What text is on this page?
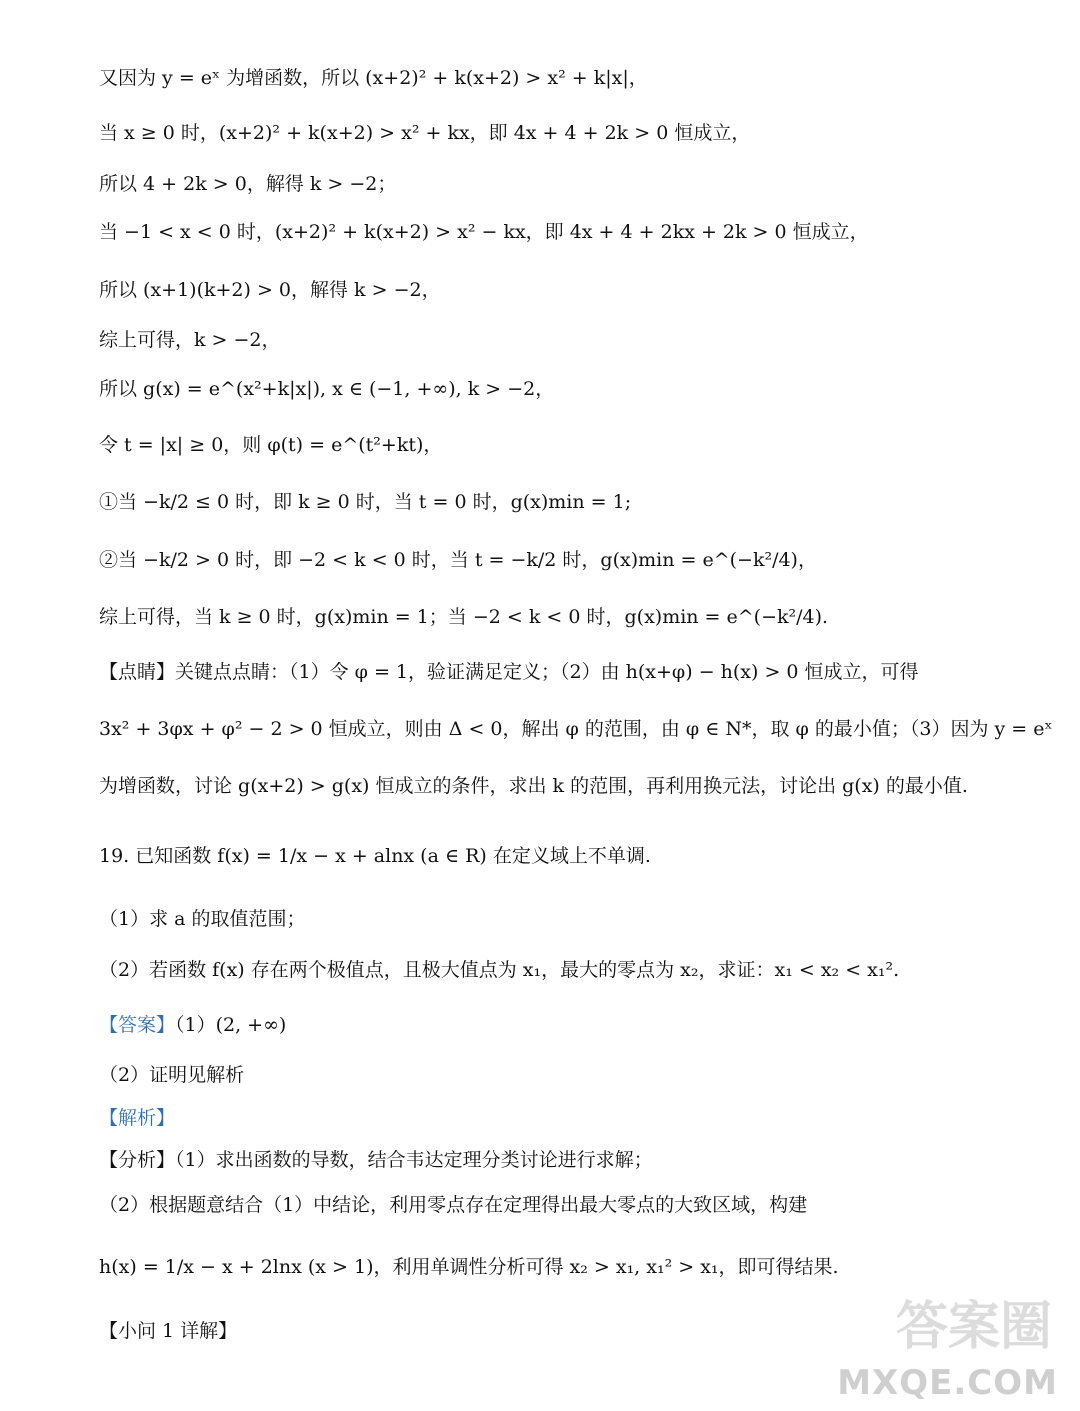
又因为 y = eˣ 为增函数，所以 (x+2)² + k(x+2) > x² + k|x|，
当 x ≥ 0 时，(x+2)² + k(x+2) > x² + kx，即 4x + 4 + 2k > 0 恒成立，
所以 4 + 2k > 0，解得 k > −2；
当 −1 < x < 0 时，(x+2)² + k(x+2) > x² − kx，即 4x + 4 + 2kx + 2k > 0 恒成立，
所以 (x+1)(k+2) > 0，解得 k > −2，
综上可得，k > −2，
所以 g(x) = e^(x²+k|x|), x ∈ (−1, +∞), k > −2，
令 t = |x| ≥ 0，则 φ(t) = e^(t²+kt)，
①当 −k/2 ≤ 0 时，即 k ≥ 0 时，当 t = 0 时，g(x)min = 1;
②当 −k/2 > 0 时，即 −2 < k < 0 时，当 t = −k/2 时，g(x)min = e^(−k²/4)，
综上可得，当 k ≥ 0 时，g(x)min = 1；当 −2 < k < 0 时，g(x)min = e^(−k²/4).
【点睛】关键点点睛：（1）令 φ = 1，验证满足定义；（2）由 h(x+φ) − h(x) > 0 恒成立，可得
3x² + 3φx + φ² − 2 > 0 恒成立，则由 Δ < 0，解出 φ 的范围，由 φ ∈ N*，取 φ 的最小值；（3）因为 y = eˣ
为增函数，讨论 g(x+2) > g(x) 恒成立的条件，求出 k 的范围，再利用换元法，讨论出 g(x) 的最小值.
19. 已知函数 f(x) = 1/x − x + alnx (a ∈ R) 在定义域上不单调.
（1）求 a 的取值范围；
（2）若函数 f(x) 存在两个极值点，且极大值点为 x₁，最大的零点为 x₂，求证：x₁ < x₂ < x₁².
【答案】（1）(2, +∞)
（2）证明见解析
【解析】
【分析】（1）求出函数的导数，结合韦达定理分类讨论进行求解；
（2）根据题意结合（1）中结论，利用零点存在定理得出最大零点的大致区域，构建
h(x) = 1/x − x + 2lnx (x > 1)，利用单调性分析可得 x₂ > x₁, x₁² > x₁，即可得结果.
【小问 1 详解】	答案圈
MXQE.COM
